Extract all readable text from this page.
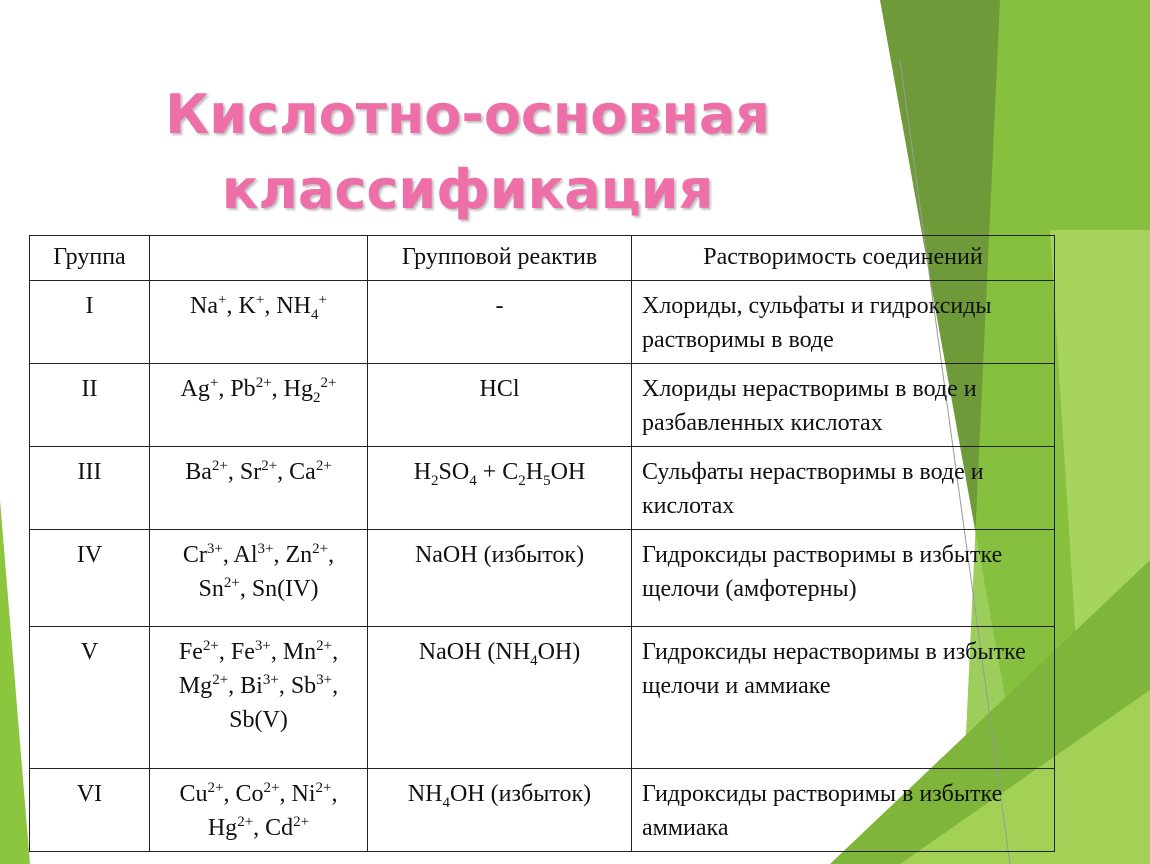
Кислотно-основная
классификация
Группа		Групповой реактив	Растворимость соединений
I	Na+, K+, $NH_4^+$	-	Хлориды, сульфаты и гидроксиды растворимы в воде
II	Ag+, $Pb^{2+}$, $Hg_2^{2+}$	HCl	Хлориды нерастворимы в воде и разбавленных кислотах
III	$Ba^{2+}$, $Sr^{2+}$, $Ca^{2+}$	$H_2SO_4 + C_2H_5OH$	Сульфаты нерастворимы в воде и кислотах
IV	$Cr^{3+}$, $Al^{3+}$, $Zn^{2+}$, $Sn^{2+}$, Sn(IV)	NaOH (избыток)	Гидроксиды растворимы в избытке щелочи (амфотерны)
V	$Fe^{2+}$, $Fe^{3+}$, $Mn^{2+}$, $Mg^{2+}$, $Bi^{3+}$, $Sb^{3+}$, Sb(V)	NaOH $(NH_4OH)$	Гидроксиды нерастворимы в избытке щелочи и аммиаке
VI	$Cu^{2+}$, $Co^{2+}$, $Ni^{2+}$, $Hg^{2+}$, $Cd^{2+}$	$NH_4OH$ (избыток)	Гидроксиды растворимы в избытке аммиака
